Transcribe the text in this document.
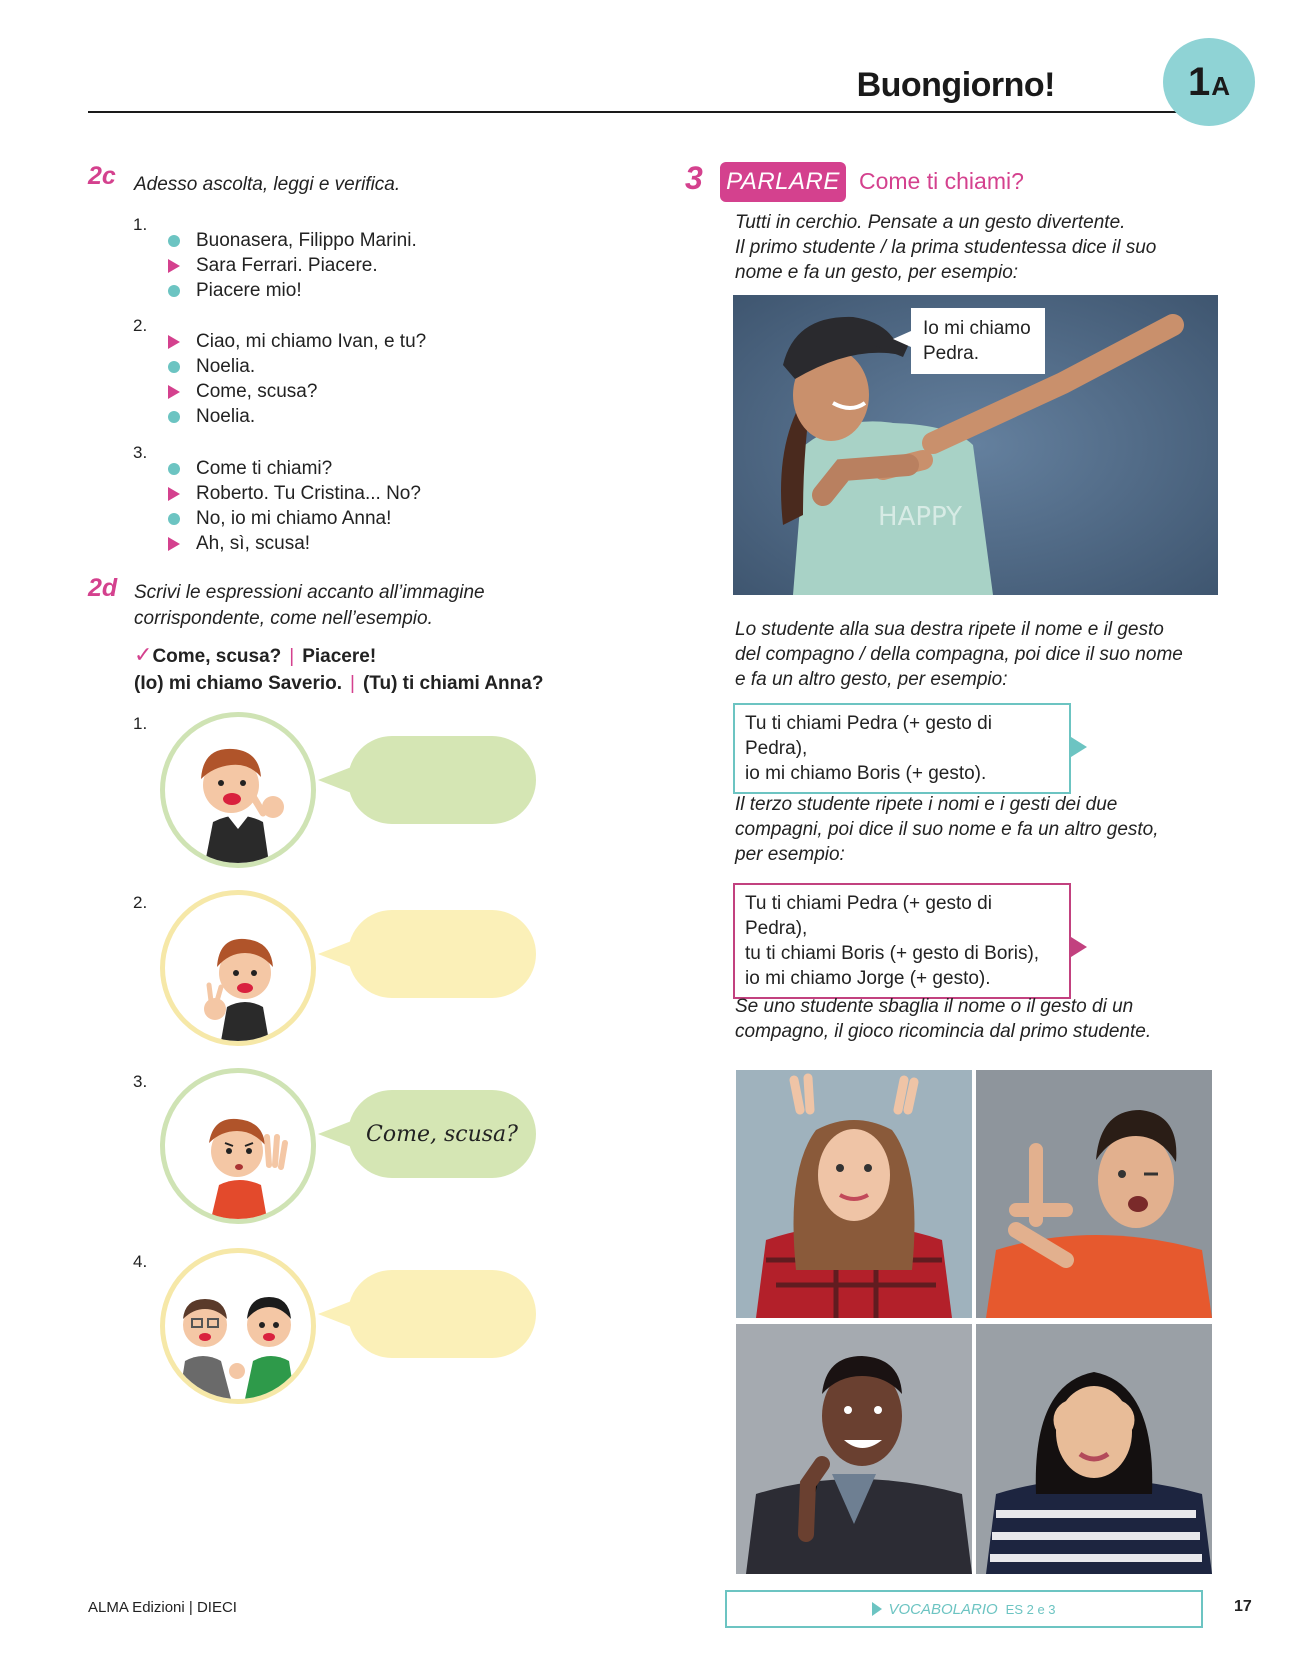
Buongiorno!	1 A
2c Adesso ascolta, leggi e verifica.
1.
Buonasera, Filippo Marini.
Sara Ferrari. Piacere.
Piacere mio!
2.
Ciao, mi chiamo Ivan, e tu?
Noelia.
Come, scusa?
Noelia.
3.
Come ti chiami?
Roberto. Tu Cristina... No?
No, io mi chiamo Anna!
Ah, sì, scusa!
2d Scrivi le espressioni accanto all’immagine
corrispondente, come nell’esempio.
✓Come, scusa? | Piacere!
(Io) mi chiamo Saverio. | (Tu) ti chiami Anna?
1.
2.
3.
Come, scusa?
4.
3 PARLARE Come ti chiami?
Tutti in cerchio. Pensate a un gesto divertente.
Il primo studente / la prima studentessa dice il suo
nome e fa un gesto, per esempio:
HAPPY
Io mi chiamo
Pedra.
Lo studente alla sua destra ripete il nome e il gesto
del compagno / della compagna, poi dice il suo nome
e fa un altro gesto, per esempio:
Tu ti chiami Pedra (+ gesto di Pedra),
io mi chiamo Boris (+ gesto).
Il terzo studente ripete i nomi e i gesti dei due
compagni, poi dice il suo nome e fa un altro gesto,
per esempio:
Tu ti chiami Pedra (+ gesto di Pedra),
tu ti chiami Boris (+ gesto di Boris),
io mi chiamo Jorge (+ gesto).
Se uno studente sbaglia il nome o il gesto di un
compagno, il gioco ricomincia dal primo studente.
ALMA Edizioni | DIECI	VOCABOLARIO ES 2 e 3	17
